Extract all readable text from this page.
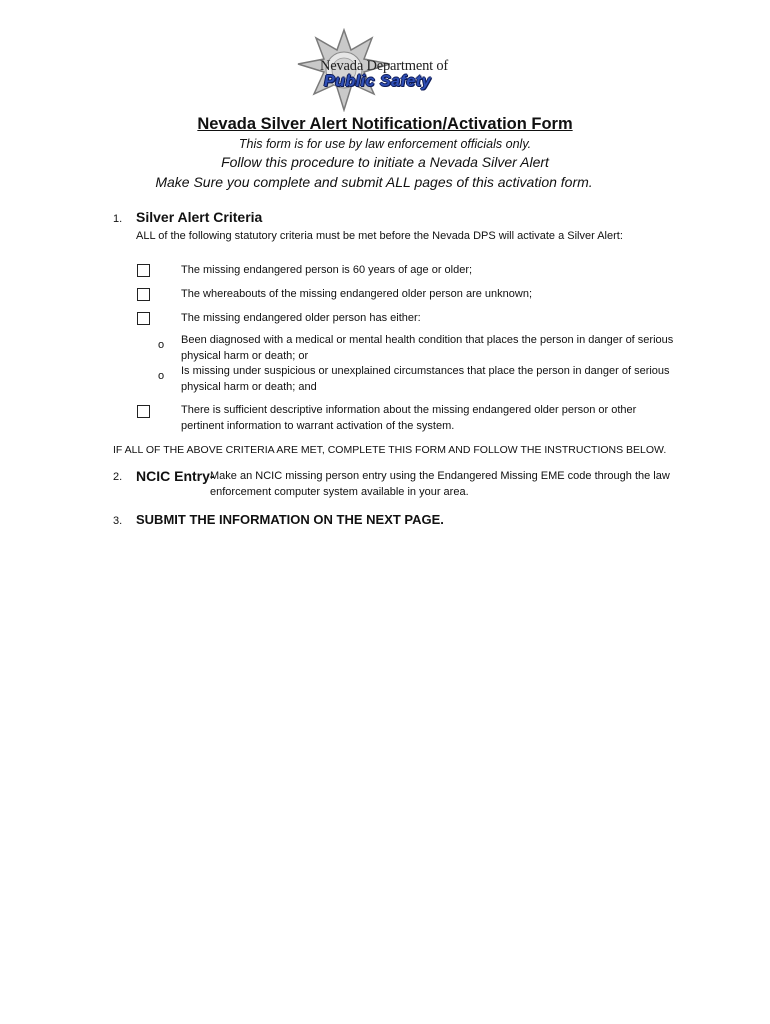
Nevada Department of
Public Safety
Nevada Silver Alert Notification/Activation Form
This form is for use by law enforcement officials only.
Follow this procedure to initiate a Nevada Silver Alert
Make Sure you complete and submit ALL pages of this activation form.
1. Silver Alert Criteria
ALL of the following statutory criteria must be met before the Nevada DPS will activate a Silver Alert:
The missing endangered person is 60 years of age or older;
The whereabouts of the missing endangered older person are unknown;
The missing endangered older person has either:
o Been diagnosed with a medical or mental health condition that places the person in danger of serious physical harm or death; or
o Is missing under suspicious or unexplained circumstances that place the person in danger of serious physical harm or death; and
There is sufficient descriptive information about the missing endangered older person or other pertinent information to warrant activation of the system.
IF ALL OF THE ABOVE CRITERIA ARE MET, COMPLETE THIS FORM AND FOLLOW THE INSTRUCTIONS BELOW.
2. NCIC Entry-
Make an NCIC missing person entry using the Endangered Missing EME code through the law enforcement computer system available in your area.
3. SUBMIT THE INFORMATION ON THE NEXT PAGE.
